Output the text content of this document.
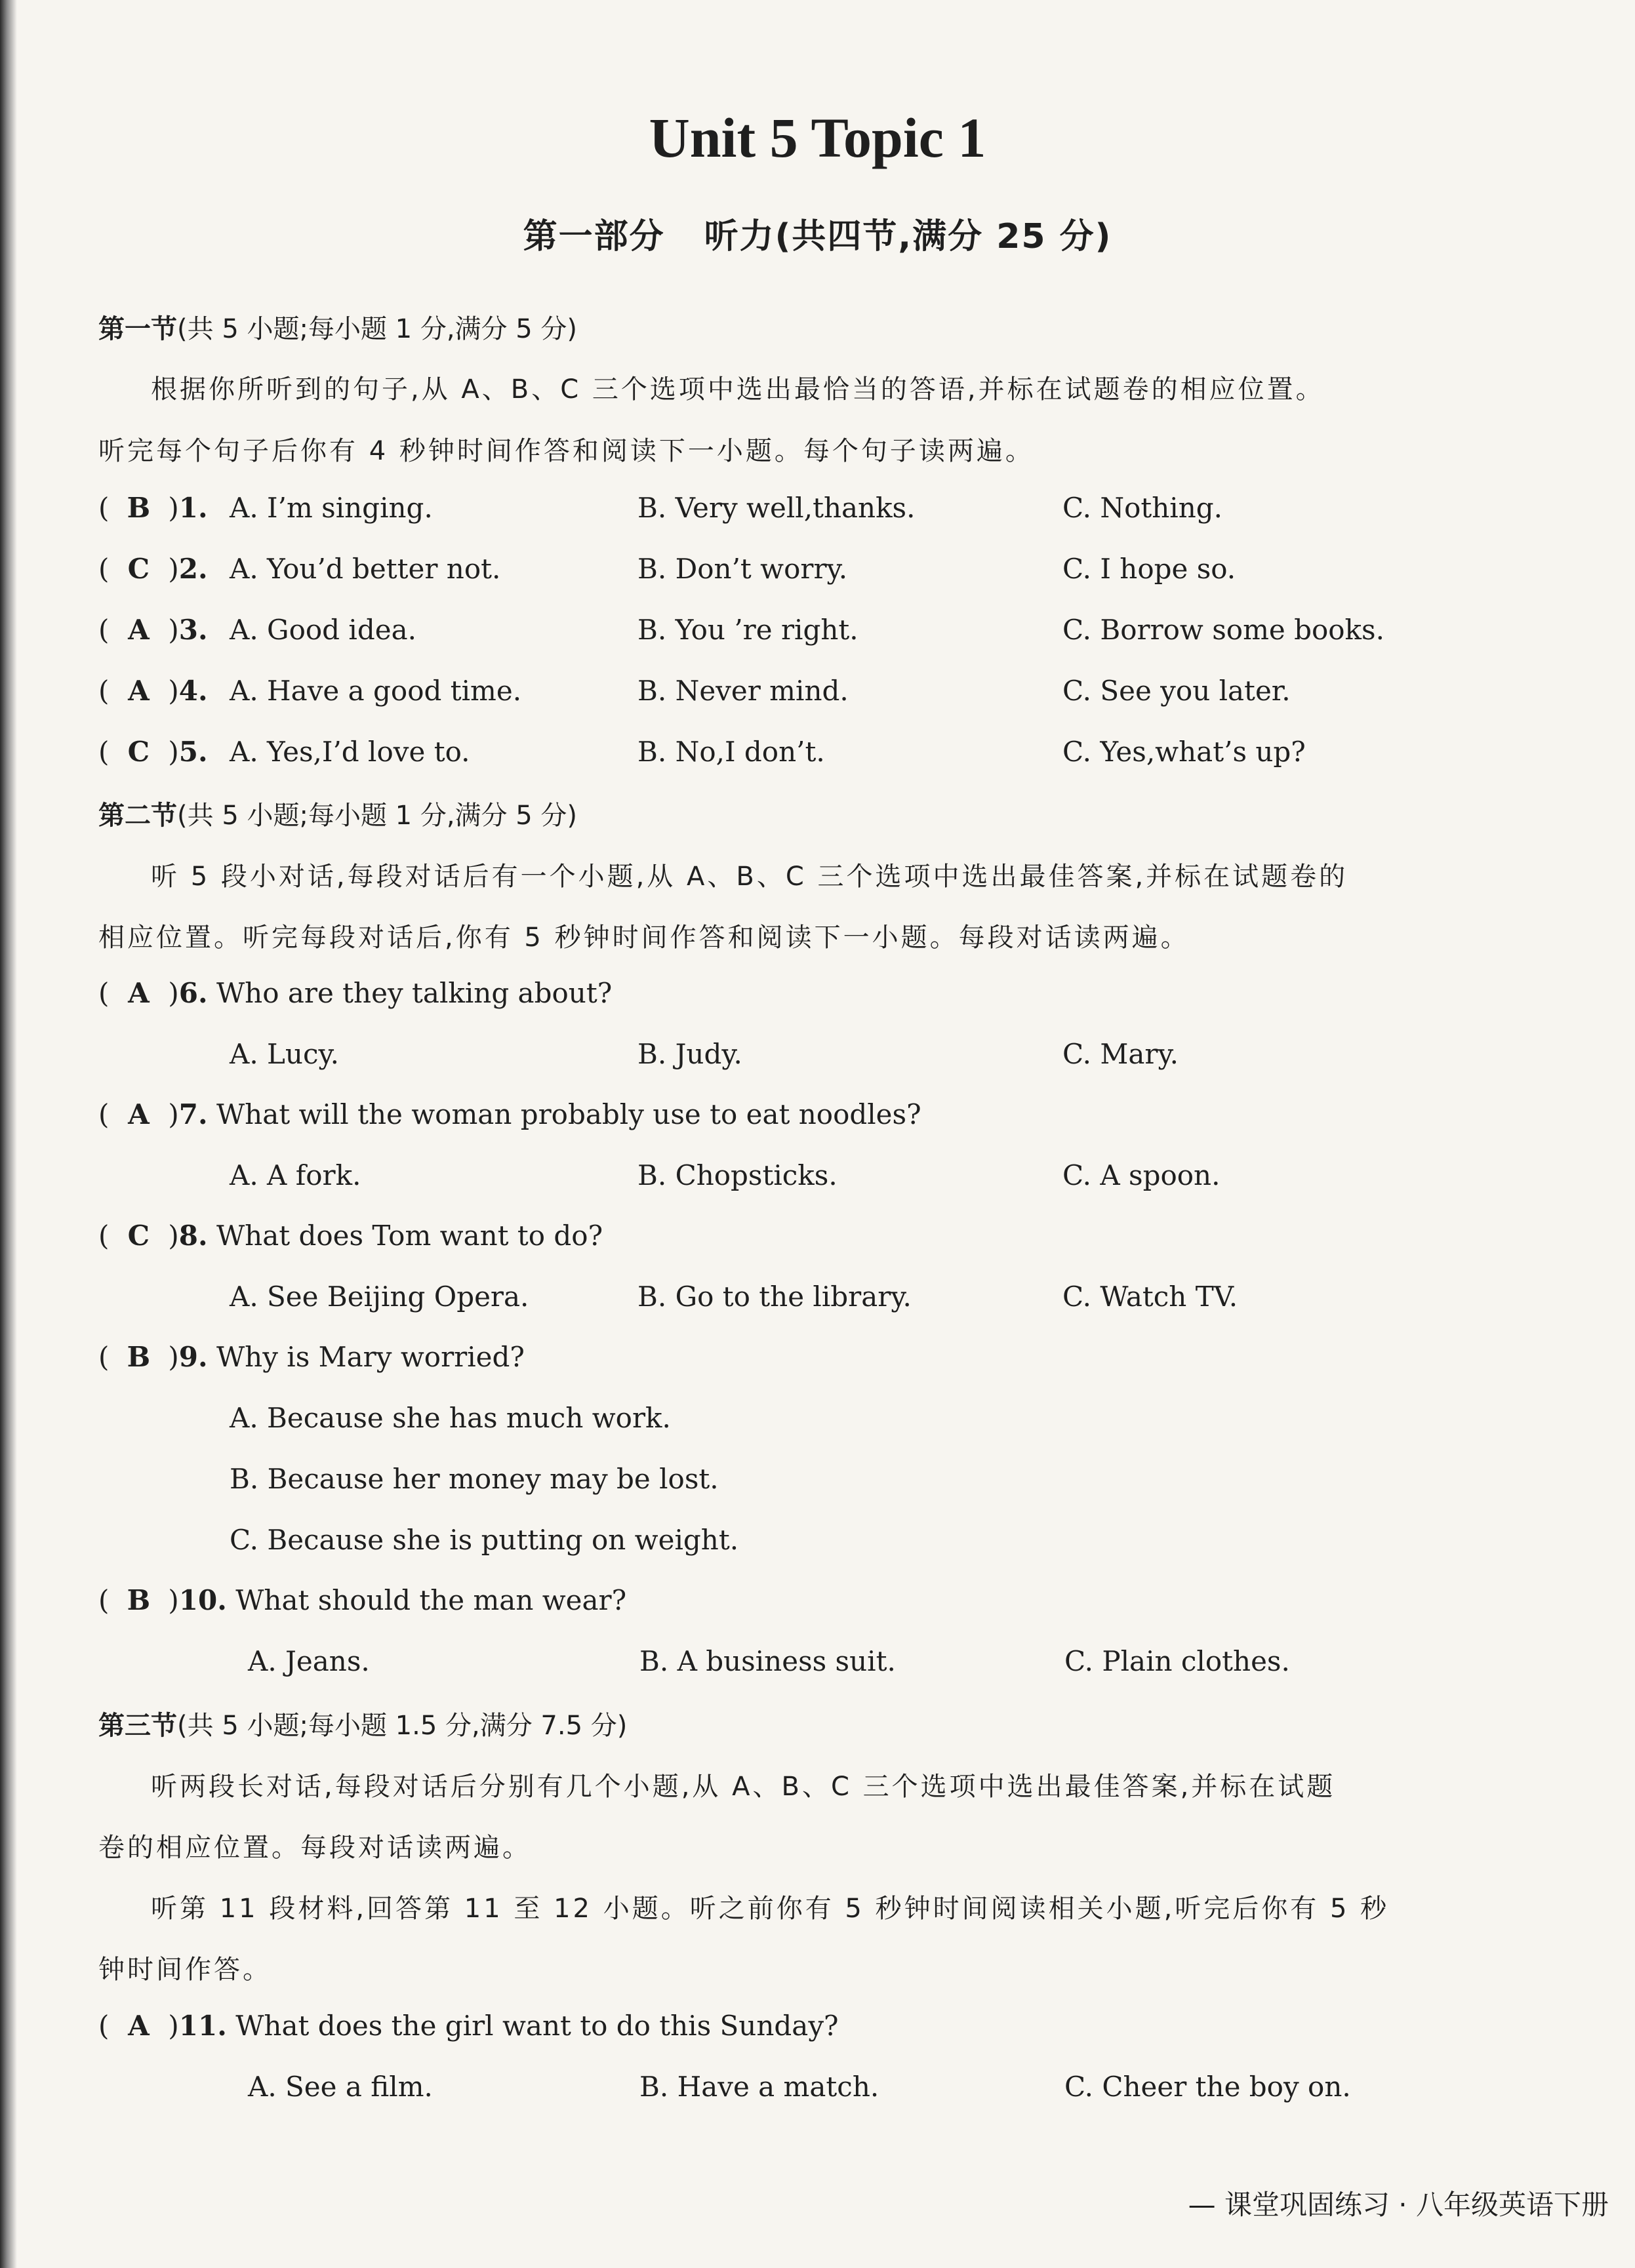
Unit 5 Topic 1
第一部分 听力(共四节,满分 25 分)
第一节(共 5 小题;每小题 1 分,满分 5 分)
根据你所听到的句子,从 A、B、C 三个选项中选出最恰当的答语,并标在试题卷的相应位置。
听完每个句子后你有 4 秒钟时间作答和阅读下一小题。每个句子读两遍。
( B )1. A. I’m singing.	B. Very well,thanks.	C. Nothing.
( C )2. A. You’d better not.	B. Don’t worry.	C. I hope so.
( A )3. A. Good idea.	B. You ’re right.	C. Borrow some books.
( A )4. A. Have a good time.	B. Never mind.	C. See you later.
( C )5. A. Yes,I’d love to.	B. No,I don’t.	C. Yes,what’s up?
第二节(共 5 小题;每小题 1 分,满分 5 分)
听 5 段小对话,每段对话后有一个小题,从 A、B、C 三个选项中选出最佳答案,并标在试题卷的
相应位置。听完每段对话后,你有 5 秒钟时间作答和阅读下一小题。每段对话读两遍。
( A )6. Who are they talking about?
A. Lucy.	B. Judy.	C. Mary.
( A )7. What will the woman probably use to eat noodles?
A. A fork.	B. Chopsticks.	C. A spoon.
( C )8. What does Tom want to do?
A. See Beijing Opera.	B. Go to the library.	C. Watch TV.
( B )9. Why is Mary worried?
A. Because she has much work.
B. Because her money may be lost.
C. Because she is putting on weight.
( B )10. What should the man wear?
A. Jeans.	B. A business suit.	C. Plain clothes.
第三节(共 5 小题;每小题 1.5 分,满分 7.5 分)
听两段长对话,每段对话后分别有几个小题,从 A、B、C 三个选项中选出最佳答案,并标在试题
卷的相应位置。每段对话读两遍。
听第 11 段材料,回答第 11 至 12 小题。听之前你有 5 秒钟时间阅读相关小题,听完后你有 5 秒
钟时间作答。
( A )11. What does the girl want to do this Sunday?
A. See a film.	B. Have a match.	C. Cheer the boy on.
— 课堂巩固练习 · 八年级英语下册
